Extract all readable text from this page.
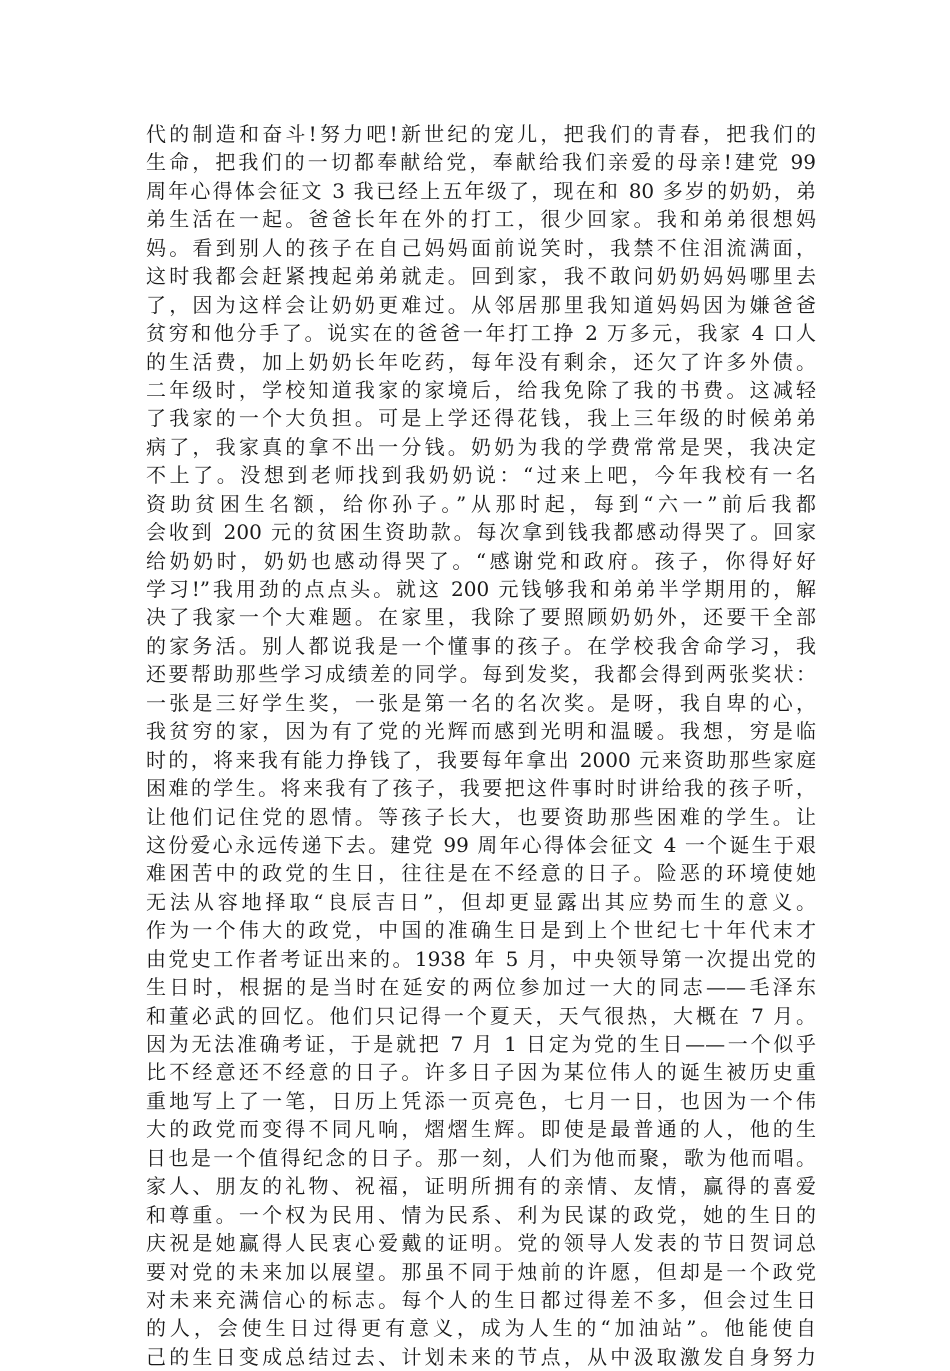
代的制造和奋斗!努力吧!新世纪的宠儿，把我们的青春，把我们的
生命，把我们的一切都奉献给党，奉献给我们亲爱的母亲!建党 99
周年心得体会征文 3 我已经上五年级了，现在和 80 多岁的奶奶，弟
弟生活在一起。爸爸长年在外的打工，很少回家。我和弟弟很想妈
妈。看到别人的孩子在自己妈妈面前说笑时，我禁不住泪流满面，
这时我都会赶紧拽起弟弟就走。回到家，我不敢问奶奶妈妈哪里去
了，因为这样会让奶奶更难过。从邻居那里我知道妈妈因为嫌爸爸
贫穷和他分手了。说实在的爸爸一年打工挣 2 万多元，我家 4 口人
的生活费，加上奶奶长年吃药，每年没有剩余，还欠了许多外债。
二年级时，学校知道我家的家境后，给我免除了我的书费。这减轻
了我家的一个大负担。可是上学还得花钱，我上三年级的时候弟弟
病了，我家真的拿不出一分钱。奶奶为我的学费常常是哭，我决定
不上了。没想到老师找到我奶奶说：“过来上吧，今年我校有一名
资助贫困生名额，给你孙子。”从那时起，每到“六一”前后我都
会收到 200 元的贫困生资助款。每次拿到钱我都感动得哭了。回家
给奶奶时，奶奶也感动得哭了。“感谢党和政府。孩子，你得好好
学习!”我用劲的点点头。就这 200 元钱够我和弟弟半学期用的，解
决了我家一个大难题。在家里，我除了要照顾奶奶外，还要干全部
的家务活。别人都说我是一个懂事的孩子。在学校我舍命学习，我
还要帮助那些学习成绩差的同学。每到发奖，我都会得到两张奖状：
一张是三好学生奖，一张是第一名的名次奖。是呀，我自卑的心，
我贫穷的家，因为有了党的光辉而感到光明和温暖。我想，穷是临
时的，将来我有能力挣钱了，我要每年拿出 2000 元来资助那些家庭
困难的学生。将来我有了孩子，我要把这件事时时讲给我的孩子听，
让他们记住党的恩情。等孩子长大，也要资助那些困难的学生。让
这份爱心永远传递下去。建党 99 周年心得体会征文 4 一个诞生于艰
难困苦中的政党的生日，往往是在不经意的日子。险恶的环境使她
无法从容地择取“良辰吉日”，但却更显露出其应势而生的意义。
作为一个伟大的政党，中国的准确生日是到上个世纪七十年代末才
由党史工作者考证出来的。1938 年 5 月，中央领导第一次提出党的
生日时，根据的是当时在延安的两位参加过一大的同志——毛泽东
和董必武的回忆。他们只记得一个夏天，天气很热，大概在 7 月。
因为无法准确考证，于是就把 7 月 1 日定为党的生日——一个似乎
比不经意还不经意的日子。许多日子因为某位伟人的诞生被历史重
重地写上了一笔，日历上凭添一页亮色，七月一日，也因为一个伟
大的政党而变得不同凡响，熠熠生辉。即使是最普通的人，他的生
日也是一个值得纪念的日子。那一刻，人们为他而聚，歌为他而唱。
家人、朋友的礼物、祝福，证明所拥有的亲情、友情，赢得的喜爱
和尊重。一个权为民用、情为民系、利为民谋的政党，她的生日的
庆祝是她赢得人民衷心爱戴的证明。党的领导人发表的节日贺词总
要对党的未来加以展望。那虽不同于烛前的许愿，但却是一个政党
对未来充满信心的标志。每个人的生日都过得差不多，但会过生日
的人，会使生日过得更有意义，成为人生的“加油站”。他能使自
己的生日变成总结过去、计划未来的节点，从中汲取激发自身努力
